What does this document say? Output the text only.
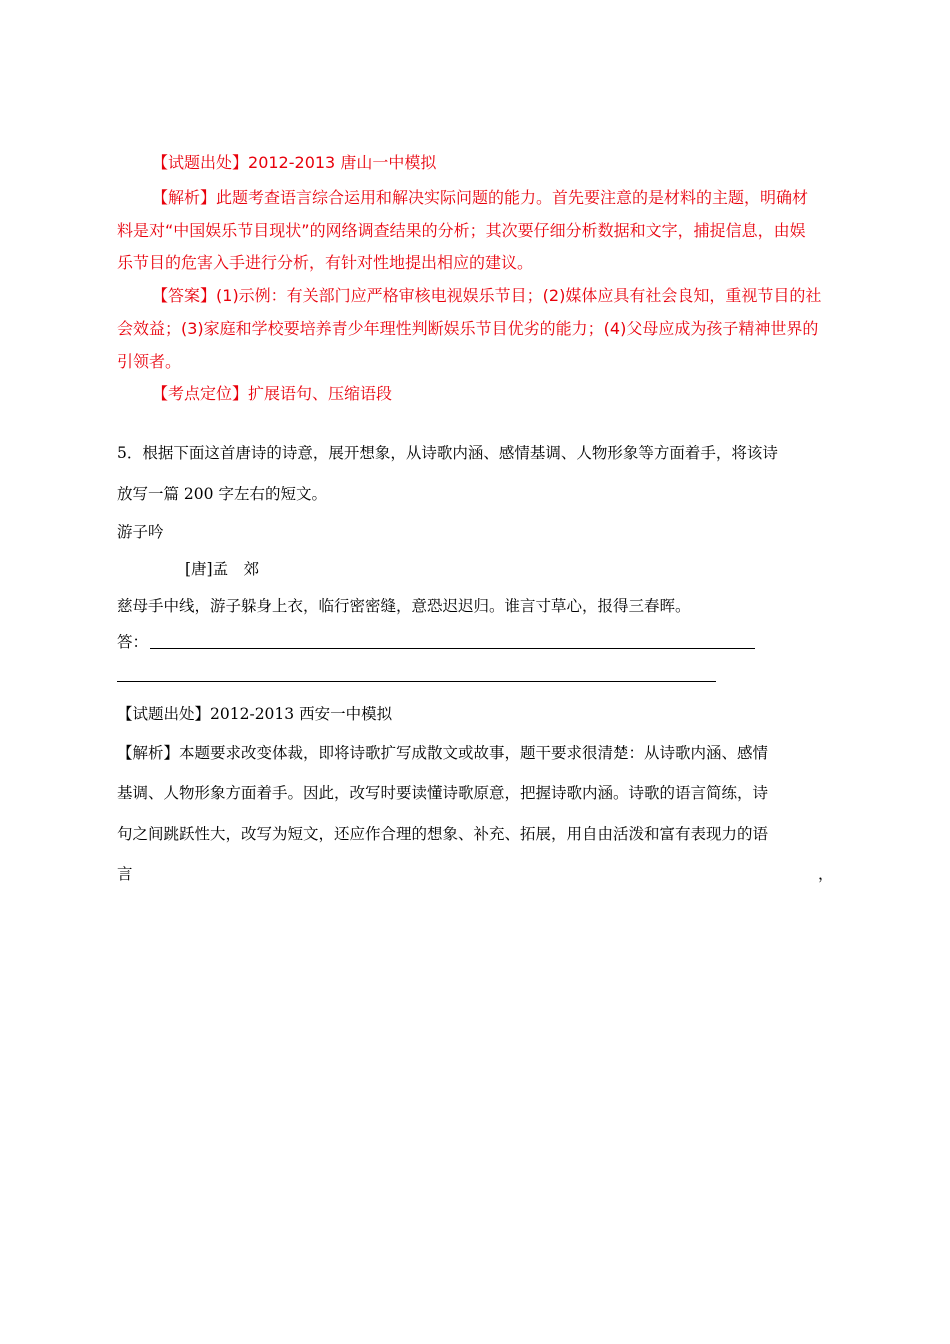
【试题出处】2012-2013 唐山一中模拟
【解析】此题考查语言综合运用和解决实际问题的能力。首先要注意的是材料的主题，明确材
料是对“中国娱乐节目现状”的网络调查结果的分析；其次要仔细分析数据和文字，捕捉信息，由娱
乐节目的危害入手进行分析，有针对性地提出相应的建议。
【答案】(1)示例：有关部门应严格审核电视娱乐节目；(2)媒体应具有社会良知，重视节目的社
会效益；(3)家庭和学校要培养青少年理性判断娱乐节目优劣的能力；(4)父母应成为孩子精神世界的
引领者。
【考点定位】扩展语句、压缩语段
5．根据下面这首唐诗的诗意，展开想象，从诗歌内涵、感情基调、人物形象等方面着手，将该诗
放写一篇 200 字左右的短文。
游子吟
[唐]孟　郊
慈母手中线，游子躲身上衣，临行密密缝，意恐迟迟归。谁言寸草心，报得三春晖。
答：
【试题出处】2012-2013 西安一中模拟
【解析】本题要求改变体裁，即将诗歌扩写成散文或故事，题干要求很清楚：从诗歌内涵、感情
基调、人物形象方面着手。因此，改写时要读懂诗歌原意，把握诗歌内涵。诗歌的语言简练，诗
句之间跳跃性大，改写为短文，还应作合理的想象、补充、拓展，用自由活泼和富有表现力的语
言	，
